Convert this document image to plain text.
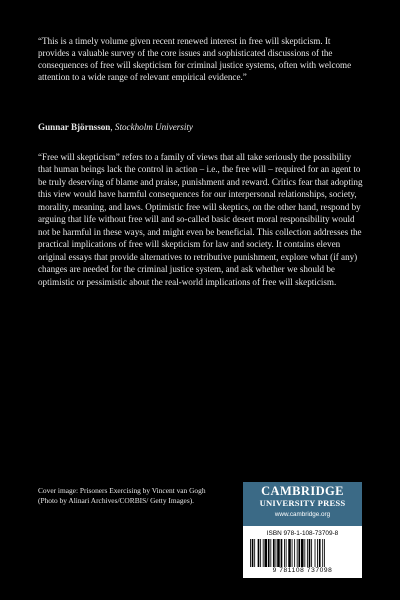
“This is a timely volume given recent renewed interest in free will skepticism. It provides a valuable survey of the core issues and sophisticated discussions of the consequences of free will skepticism for criminal justice systems, often with welcome attention to a wide range of relevant empirical evidence.”

Gunnar Björnsson, Stockholm University

“Free will skepticism” refers to a family of views that all take seriously the possibility that human beings lack the control in action – i.e., the free will – required for an agent to be truly deserving of blame and praise, punishment and reward. Critics fear that adopting this view would have harmful consequences for our interpersonal relationships, society, morality, meaning, and laws. Optimistic free will skeptics, on the other hand, respond by arguing that life without free will and so-called basic desert moral responsibility would not be harmful in these ways, and might even be beneficial. This collection addresses the practical implications of free will skepticism for law and society. It contains eleven original essays that provide alternatives to retributive punishment, explore what (if any) changes are needed for the criminal justice system, and ask whether we should be optimistic or pessimistic about the real-world implications of free will skepticism.

Cover image: Prisoners Exercising by Vincent van Gogh (Photo by Alinari Archives/CORBIS/ Getty Images).

CAMBRIDGE
UNIVERSITY PRESS
www.cambridge.org
ISBN 978-1-108-73709-8
9 781108 737098
